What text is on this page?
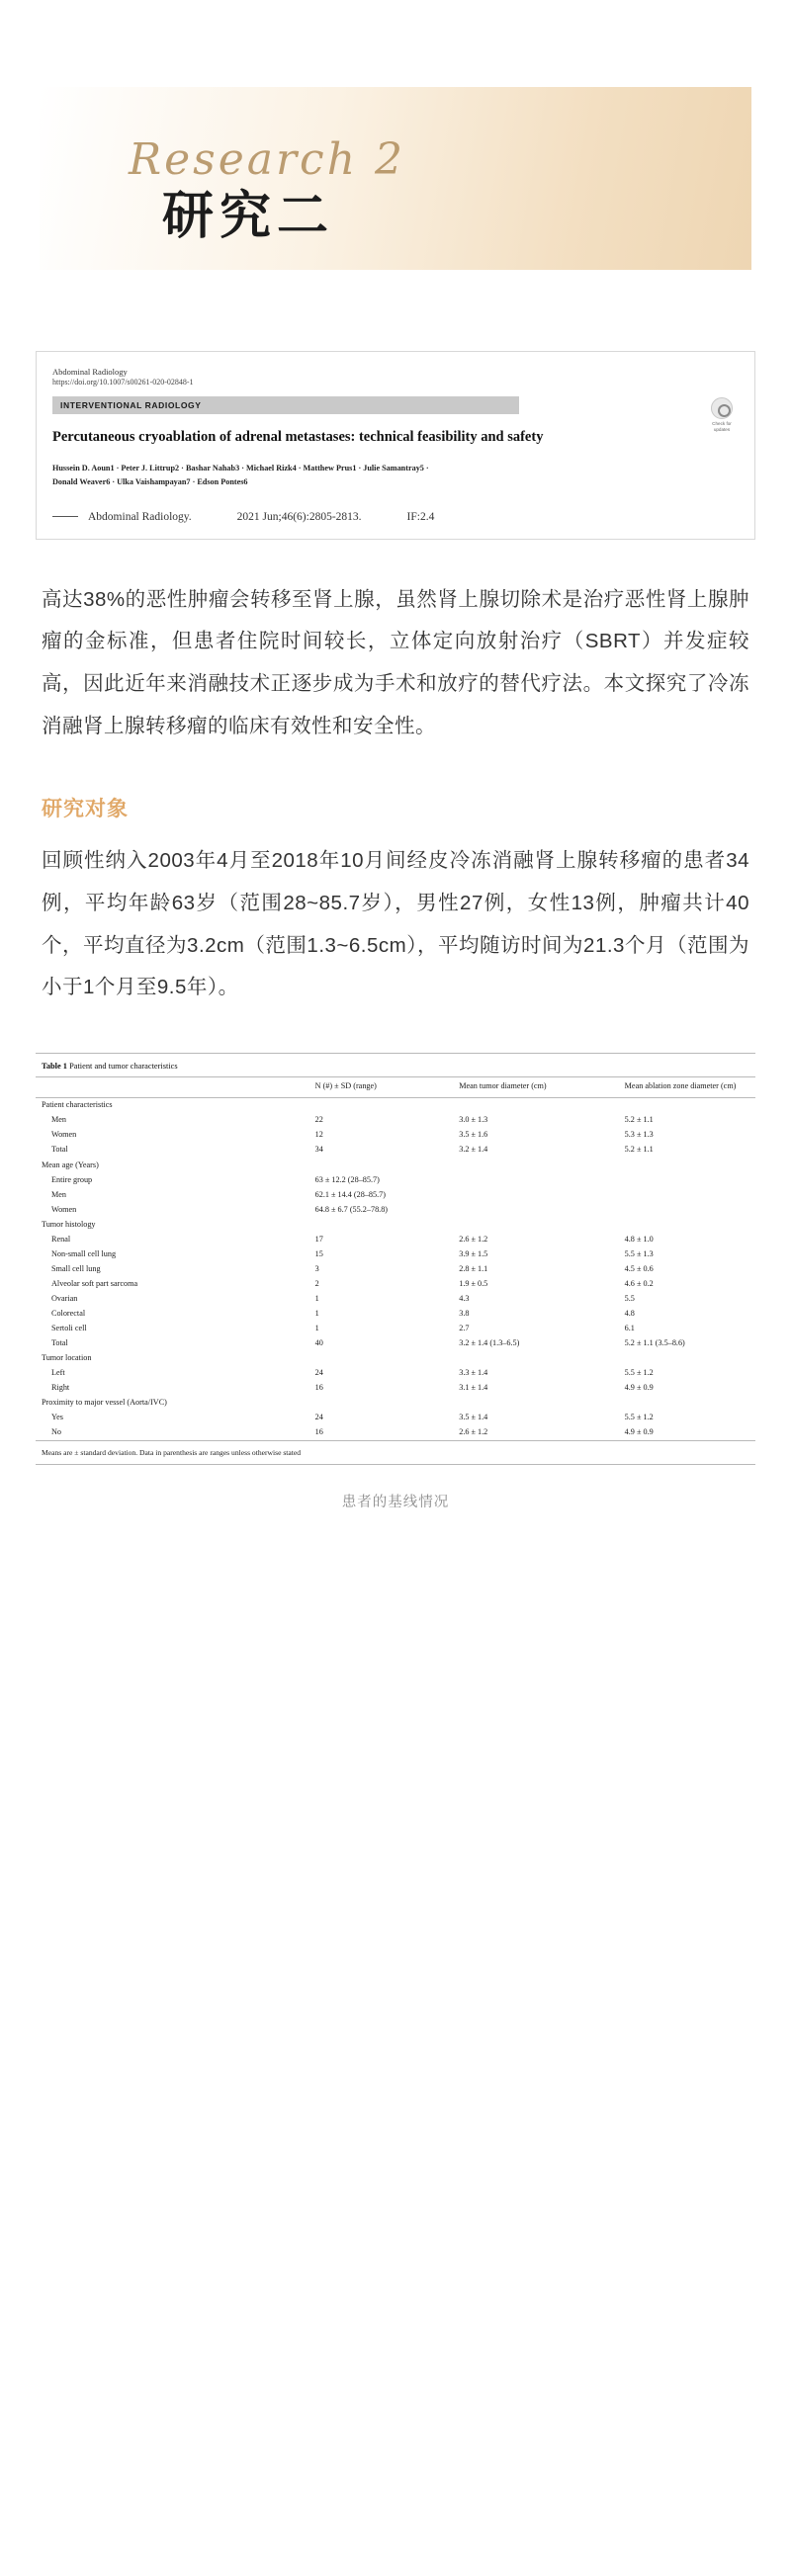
Research 2
研究二
Abdominal Radiology
https://doi.org/10.1007/s00261-020-02848-1
INTERVENTIONAL RADIOLOGY
Check for updates
Percutaneous cryoablation of adrenal metastases: technical feasibility and safety
Hussein D. Aoun1 · Peter J. Littrup2 · Bashar Nahab3 · Michael Rizk4 · Matthew Prus1 · Julie Samantray5 ·
Donald Weaver6 · Ulka Vaishampayan7 · Edson Pontes6
Abdominal Radiology.	2021 Jun;46(6):2805-2813.	IF:2.4
高达38%的恶性肿瘤会转移至肾上腺，虽然肾上腺切除术是治疗恶性肾上腺肿瘤的金标准，但患者住院时间较长，立体定向放射治疗（SBRT）并发症较高，因此近年来消融技术正逐步成为手术和放疗的替代疗法。本文探究了冷冻消融肾上腺转移瘤的临床有效性和安全性。
研究对象
回顾性纳入2003年4月至2018年10月间经皮冷冻消融肾上腺转移瘤的患者34例，平均年龄63岁（范围28~85.7岁），男性27例，女性13例，肿瘤共计40个，平均直径为3.2cm（范围1.3~6.5cm），平均随访时间为21.3个月（范围为小于1个月至9.5年）。
Table 1 Patient and tumor characteristics
	N (#) ± SD (range)	Mean tumor diameter (cm)	Mean ablation zone diameter (cm)
Patient characteristics			
Men	22	3.0 ± 1.3	5.2 ± 1.1
Women	12	3.5 ± 1.6	5.3 ± 1.3
Total	34	3.2 ± 1.4	5.2 ± 1.1
Mean age (Years)			
Entire group	63 ± 12.2 (28–85.7)		
Men	62.1 ± 14.4 (28–85.7)		
Women	64.8 ± 6.7 (55.2–78.8)		
Tumor histology			
Renal	17	2.6 ± 1.2	4.8 ± 1.0
Non-small cell lung	15	3.9 ± 1.5	5.5 ± 1.3
Small cell lung	3	2.8 ± 1.1	4.5 ± 0.6
Alveolar soft part sarcoma	2	1.9 ± 0.5	4.6 ± 0.2
Ovarian	1	4.3	5.5
Colorectal	1	3.8	4.8
Sertoli cell	1	2.7	6.1
Total	40	3.2 ± 1.4 (1.3–6.5)	5.2 ± 1.1 (3.5–8.6)
Tumor location			
Left	24	3.3 ± 1.4	5.5 ± 1.2
Right	16	3.1 ± 1.4	4.9 ± 0.9
Proximity to major vessel (Aorta/IVC)			
Yes	24	3.5 ± 1.4	5.5 ± 1.2
No	16	2.6 ± 1.2	4.9 ± 0.9
Means are ± standard deviation. Data in parenthesis are ranges unless otherwise stated
患者的基线情况
